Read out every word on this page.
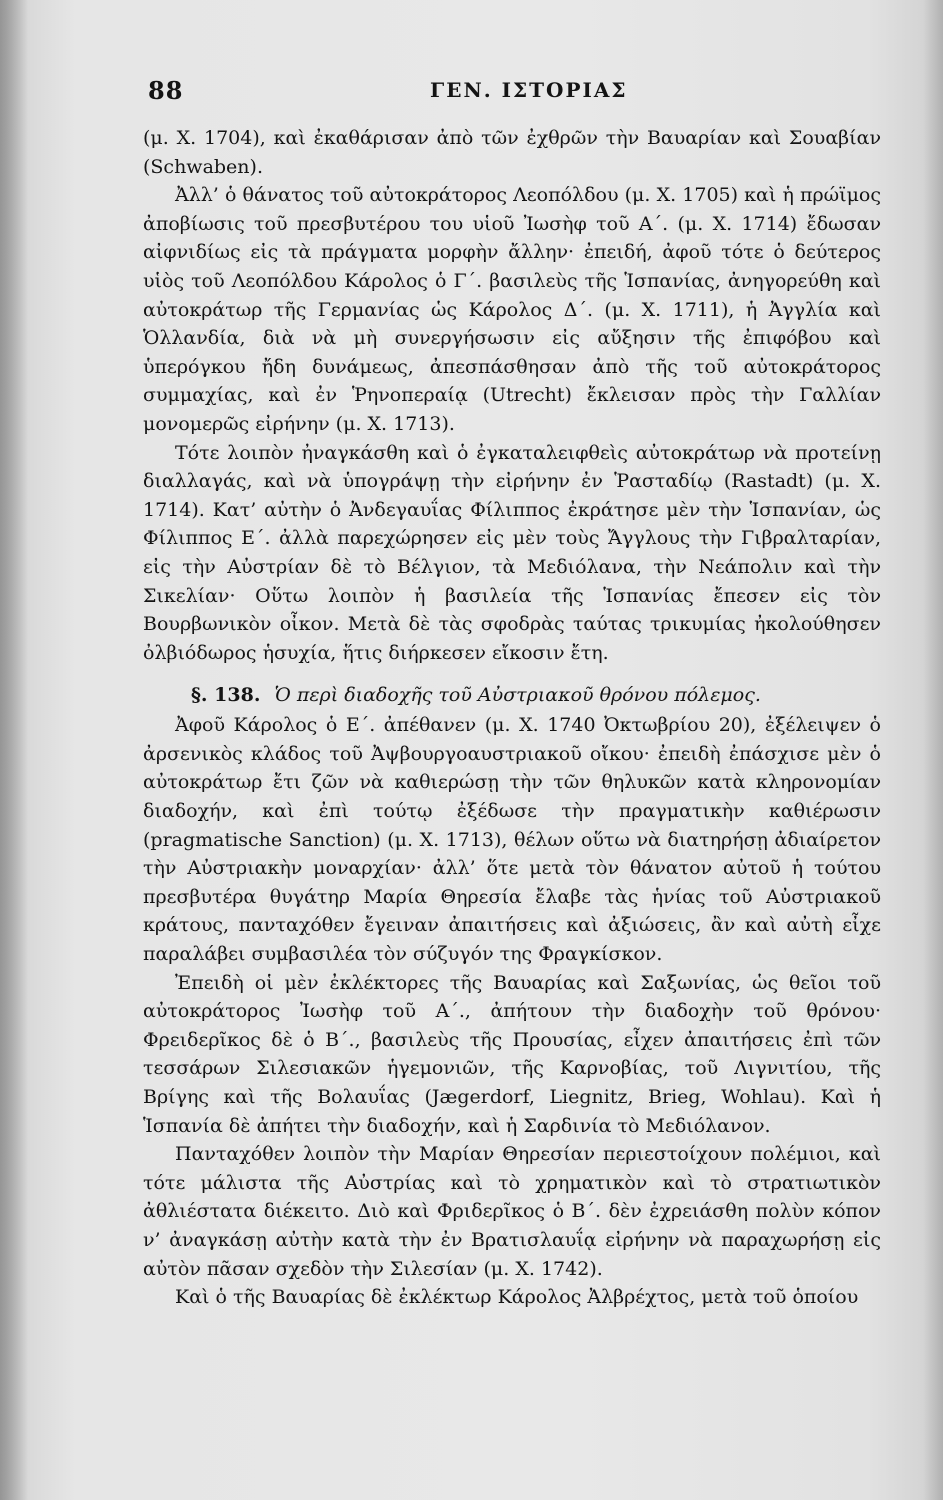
88	ΓΕΝ. ΙΣΤΟΡΙΑΣ

(μ. Χ. 1704), καὶ ἐκαθάρισαν ἀπὸ τῶν ἐχθρῶν τὴν Βαυαρίαν καὶ Σουαβίαν (Schwaben).

Ἀλλ’ ὁ θάνατος τοῦ αὐτοκράτορος Λεοπόλδου (μ. Χ. 1705) καὶ ἡ πρώϊμος ἀποβίωσις τοῦ πρεσβυτέρου του υἱοῦ Ἰωσὴφ τοῦ Α΄. (μ. Χ. 1714) ἔδωσαν αἰφνιδίως εἰς τὰ πράγματα μορφὴν ἄλλην· ἐπειδή, ἀφοῦ τότε ὁ δεύτερος υἱὸς τοῦ Λεοπόλδου Κάρολος ὁ Γ΄. βασιλεὺς τῆς Ἱσπανίας, ἀνηγορεύθη καὶ αὐτοκράτωρ τῆς Γερμανίας ὡς Κάρολος Δ΄. (μ. Χ. 1711), ἡ Ἀγγλία καὶ Ὁλλανδία, διὰ νὰ μὴ συνεργήσωσιν εἰς αὔξησιν τῆς ἐπιφόβου καὶ ὑπερόγκου ἤδη δυνάμεως, ἀπεσπάσθησαν ἀπὸ τῆς τοῦ αὐτοκράτορος συμμαχίας, καὶ ἐν Ῥηνοπεραίᾳ (Utrecht) ἔκλεισαν πρὸς τὴν Γαλλίαν μονομερῶς εἰρήνην (μ. Χ. 1713).

Τότε λοιπὸν ἠναγκάσθη καὶ ὁ ἐγκαταλειφθεὶς αὐτοκράτωρ νὰ προτείνῃ διαλλαγάς, καὶ νὰ ὑπογράψῃ τὴν εἰρήνην ἐν Ῥασταδίῳ (Rastadt) (μ. Χ. 1714). Κατ’ αὐτὴν ὁ Ἀνδεγαυΐας Φίλιππος ἐκράτησε μὲν τὴν Ἱσπανίαν, ὡς Φίλιππος Ε΄. ἀλλὰ παρεχώρησεν εἰς μὲν τοὺς Ἄγγλους τὴν Γιβραλταρίαν, εἰς τὴν Αὐστρίαν δὲ τὸ Βέλγιον, τὰ Μεδιόλανα, τὴν Νεάπολιν καὶ τὴν Σικελίαν· Οὕτω λοιπὸν ἡ βασιλεία τῆς Ἱσπανίας ἔπεσεν εἰς τὸν Βουρβωνικὸν οἶκον. Μετὰ δὲ τὰς σφοδρὰς ταύτας τρικυμίας ἠκολούθησεν ὀλβιόδωρος ἡσυχία, ἥτις διήρκεσεν εἴκοσιν ἔτη.

§. 138. Ὁ περὶ διαδοχῆς τοῦ Αὐστριακοῦ θρόνου πόλεμος.

Ἀφοῦ Κάρολος ὁ Ε΄. ἀπέθανεν (μ. Χ. 1740 Ὀκτωβρίου 20), ἐξέλειψεν ὁ ἀρσενικὸς κλάδος τοῦ Ἀψβουργοαυστριακοῦ οἴκου· ἐπειδὴ ἐπάσχισε μὲν ὁ αὐτοκράτωρ ἔτι ζῶν νὰ καθιερώσῃ τὴν τῶν θηλυκῶν κατὰ κληρονομίαν διαδοχήν, καὶ ἐπὶ τούτῳ ἐξέδωσε τὴν πραγματικὴν καθιέρωσιν (pragmatische Sanction) (μ. Χ. 1713), θέλων οὕτω νὰ διατηρήσῃ ἀδιαίρετον τὴν Αὐστριακὴν μοναρχίαν· ἀλλ’ ὅτε μετὰ τὸν θάνατον αὐτοῦ ἡ τούτου πρεσβυτέρα θυγάτηρ Μαρία Θηρεσία ἔλαβε τὰς ἡνίας τοῦ Αὐστριακοῦ κράτους, πανταχόθεν ἔγειναν ἀπαιτήσεις καὶ ἀξιώσεις, ἂν καὶ αὐτὴ εἶχε παραλάβει συμβασιλέα τὸν σύζυγόν της Φραγκίσκον.

Ἐπειδὴ οἱ μὲν ἐκλέκτορες τῆς Βαυαρίας καὶ Σαξωνίας, ὡς θεῖοι τοῦ αὐτοκράτορος Ἰωσὴφ τοῦ Α΄., ἀπήτουν τὴν διαδοχὴν τοῦ θρόνου· Φρειδερῖκος δὲ ὁ Β΄., βασιλεὺς τῆς Προυσίας, εἶχεν ἀπαιτήσεις ἐπὶ τῶν τεσσάρων Σιλεσιακῶν ἡγεμονιῶν, τῆς Καρνοβίας, τοῦ Λιγνιτίου, τῆς Βρίγης καὶ τῆς Βολαυΐας (Jægerdorf, Liegnitz, Brieg, Wohlau). Καὶ ἡ Ἱσπανία δὲ ἀπήτει τὴν διαδοχήν, καὶ ἡ Σαρδινία τὸ Μεδιόλανον.

Πανταχόθεν λοιπὸν τὴν Μαρίαν Θηρεσίαν περιεστοίχουν πολέμιοι, καὶ τότε μάλιστα τῆς Αὐστρίας καὶ τὸ χρηματικὸν καὶ τὸ στρατιωτικὸν ἀθλιέστατα διέκειτο. Διὸ καὶ Φριδερῖκος ὁ Β΄. δὲν ἐχρειάσθη πολὺν κόπον ν’ ἀναγκάσῃ αὐτὴν κατὰ τὴν ἐν Βρατισλαυΐᾳ εἰρήνην νὰ παραχωρήσῃ εἰς αὐτὸν πᾶσαν σχεδὸν τὴν Σιλεσίαν (μ. Χ. 1742).

Καὶ ὁ τῆς Βαυαρίας δὲ ἐκλέκτωρ Κάρολος Ἀλβρέχτος, μετὰ τοῦ ὁποίου
